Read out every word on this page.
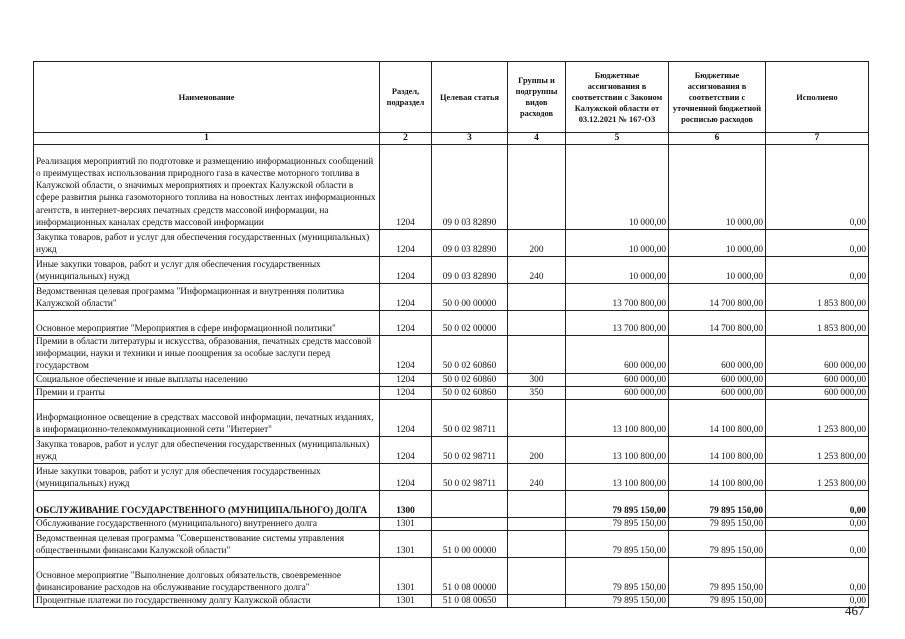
Наименование	Раздел, подраздел	Целевая статья	Группы и подгруппы видов расходов	Бюджетные ассигнования в соответствии с Законом Калужской области от 03.12.2021 № 167-ОЗ	Бюджетные ассигнования в соответствии с уточненной бюджетной росписью расходов	Исполнено
1	2	3	4	5	6	7
Реализация мероприятий по подготовке и размещению информационных сообщений о преимуществах использования природного газа в качестве моторного топлива в Калужской области, о значимых мероприятиях и проектах Калужской области в сфере развития рынка газомоторного топлива на новостных лентах информационных агентств, в интернет-версиях печатных средств массовой информации, на информационных каналах средств массовой информации	1204	09 0 03 82890		10 000,00	10 000,00	0,00
Закупка товаров, работ и услуг для обеспечения государственных (муниципальных) нужд	1204	09 0 03 82890	200	10 000,00	10 000,00	0,00
Иные закупки товаров, работ и услуг для обеспечения государственных (муниципальных) нужд	1204	09 0 03 82890	240	10 000,00	10 000,00	0,00
Ведомственная целевая программа "Информационная и внутренняя политика Калужской области"	1204	50 0 00 00000		13 700 800,00	14 700 800,00	1 853 800,00
Основное мероприятие "Мероприятия в сфере информационной политики"	1204	50 0 02 00000		13 700 800,00	14 700 800,00	1 853 800,00
Премии в области литературы и искусства, образования, печатных средств массовой информации, науки и техники и иные поощрения за особые заслуги перед государством	1204	50 0 02 60860		600 000,00	600 000,00	600 000,00
Социальное обеспечение и иные выплаты населению	1204	50 0 02 60860	300	600 000,00	600 000,00	600 000,00
Премии и гранты	1204	50 0 02 60860	350	600 000,00	600 000,00	600 000,00
Информационное освещение в средствах массовой информации, печатных изданиях, в информационно-телекоммуникационной сети "Интернет"	1204	50 0 02 98711		13 100 800,00	14 100 800,00	1 253 800,00
Закупка товаров, работ и услуг для обеспечения государственных (муниципальных) нужд	1204	50 0 02 98711	200	13 100 800,00	14 100 800,00	1 253 800,00
Иные закупки товаров, работ и услуг для обеспечения государственных (муниципальных) нужд	1204	50 0 02 98711	240	13 100 800,00	14 100 800,00	1 253 800,00
ОБСЛУЖИВАНИЕ ГОСУДАРСТВЕННОГО (МУНИЦИПАЛЬНОГО) ДОЛГА	1300			79 895 150,00	79 895 150,00	0,00
Обслуживание государственного (муниципального) внутреннего долга	1301			79 895 150,00	79 895 150,00	0,00
Ведомственная целевая программа "Совершенствование системы управления общественными финансами Калужской области"	1301	51 0 00 00000		79 895 150,00	79 895 150,00	0,00
Основное мероприятие "Выполнение долговых обязательств, своевременное финансирование расходов на обслуживание государственного долга"	1301	51 0 08 00000		79 895 150,00	79 895 150,00	0,00
Процентные платежи по государственному долгу Калужской области	1301	51 0 08 00650		79 895 150,00	79 895 150,00	0,00
467
